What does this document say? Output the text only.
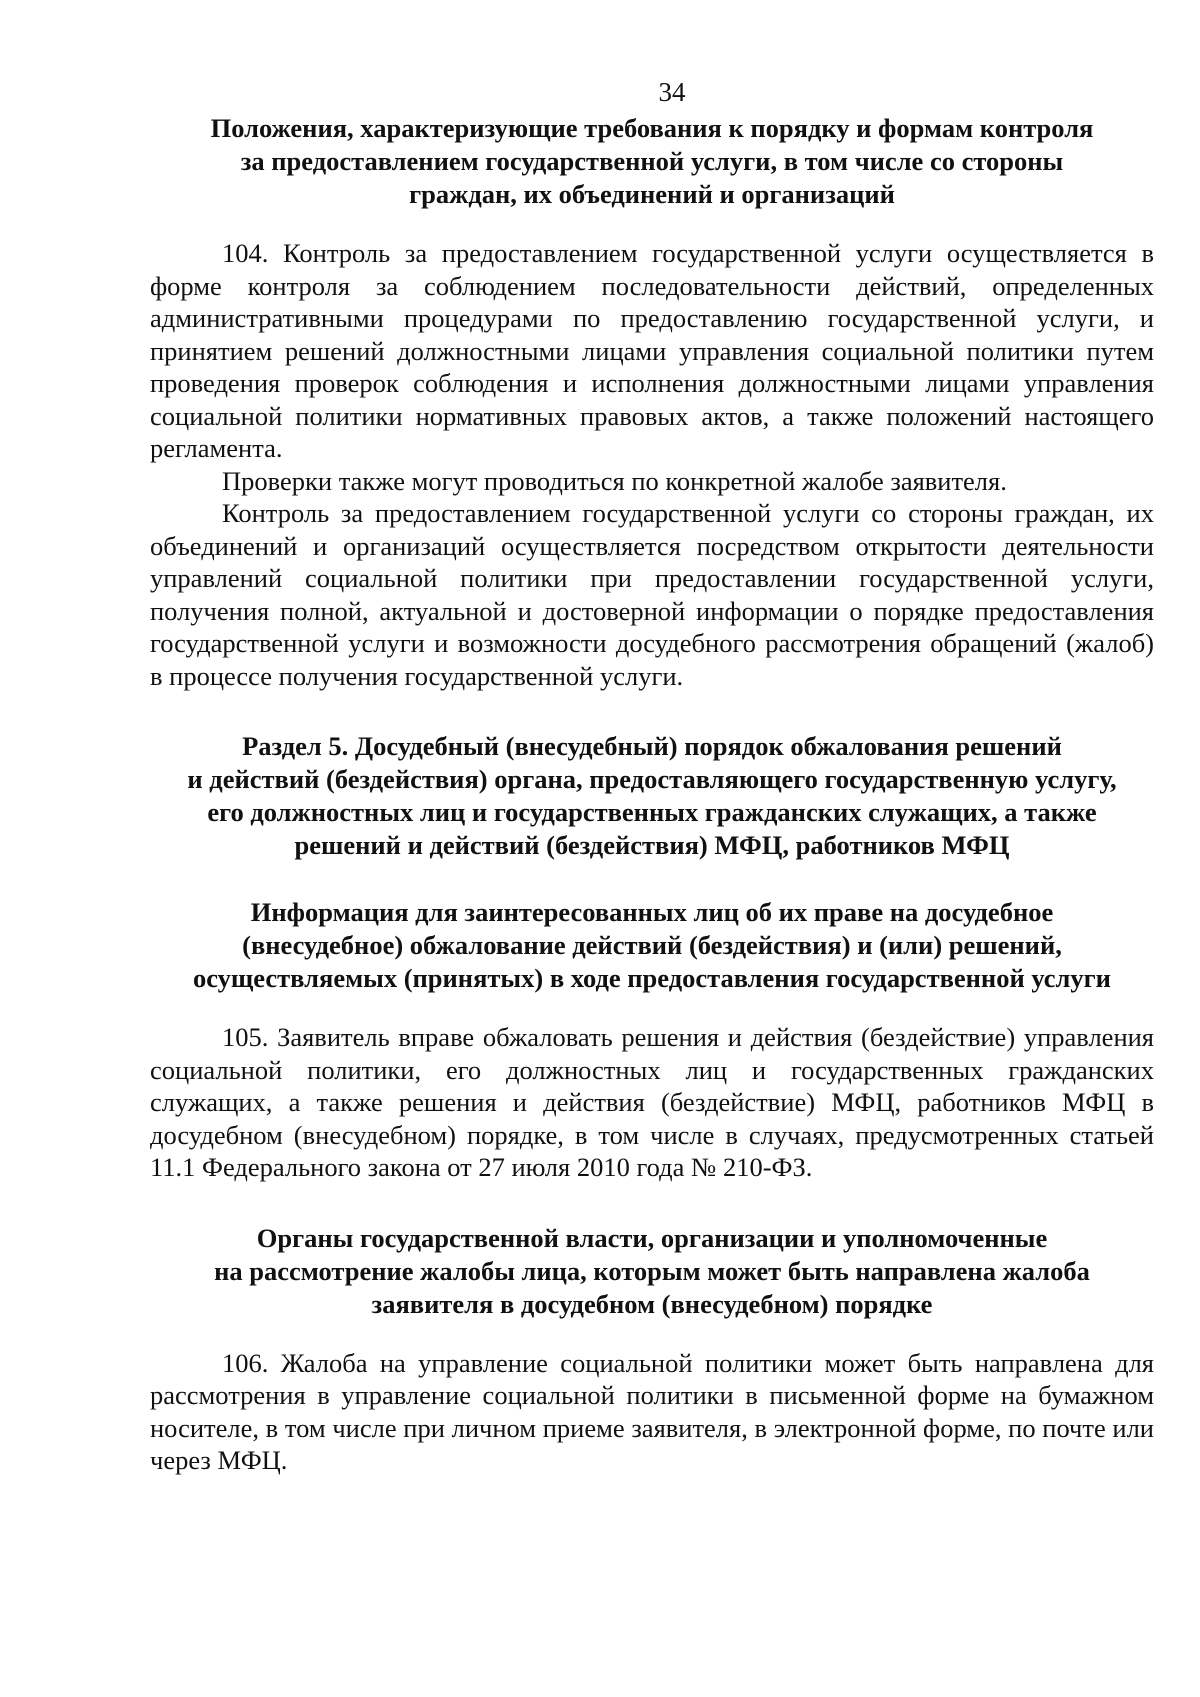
34
Положения, характеризующие требования к порядку и формам контроля
за предоставлением государственной услуги, в том числе со стороны
граждан, их объединений и организаций

104. Контроль за предоставлением государственной услуги осуществляется в форме контроля за соблюдением последовательности действий, определенных административными процедурами по предоставлению государственной услуги, и принятием решений должностными лицами управления социальной политики путем проведения проверок соблюдения и исполнения должностными лицами управления социальной политики нормативных правовых актов, а также положений настоящего регламента.

Проверки также могут проводиться по конкретной жалобе заявителя.

Контроль за предоставлением государственной услуги со стороны граждан, их объединений и организаций осуществляется посредством открытости деятельности управлений социальной политики при предоставлении государственной услуги, получения полной, актуальной и достоверной информации о порядке предоставления государственной услуги и возможности досудебного рассмотрения обращений (жалоб) в процессе получения государственной услуги.

Раздел 5. Досудебный (внесудебный) порядок обжалования решений
и действий (бездействия) органа, предоставляющего государственную услугу,
его должностных лиц и государственных гражданских служащих, а также
решений и действий (бездействия) МФЦ, работников МФЦ
Информация для заинтересованных лиц об их праве на досудебное
(внесудебное) обжалование действий (бездействия) и (или) решений,
осуществляемых (принятых) в ходе предоставления государственной услуги

105. Заявитель вправе обжаловать решения и действия (бездействие) управления социальной политики, его должностных лиц и государственных гражданских служащих, а также решения и действия (бездействие) МФЦ, работников МФЦ в досудебном (внесудебном) порядке, в том числе в случаях, предусмотренных статьей 11.1 Федерального закона от 27 июля 2010 года № 210-ФЗ.

Органы государственной власти, организации и уполномоченные
на рассмотрение жалобы лица, которым может быть направлена жалоба
заявителя в досудебном (внесудебном) порядке

106. Жалоба на управление социальной политики может быть направлена для рассмотрения в управление социальной политики в письменной форме на бумажном носителе, в том числе при личном приеме заявителя, в электронной форме, по почте или через МФЦ.
